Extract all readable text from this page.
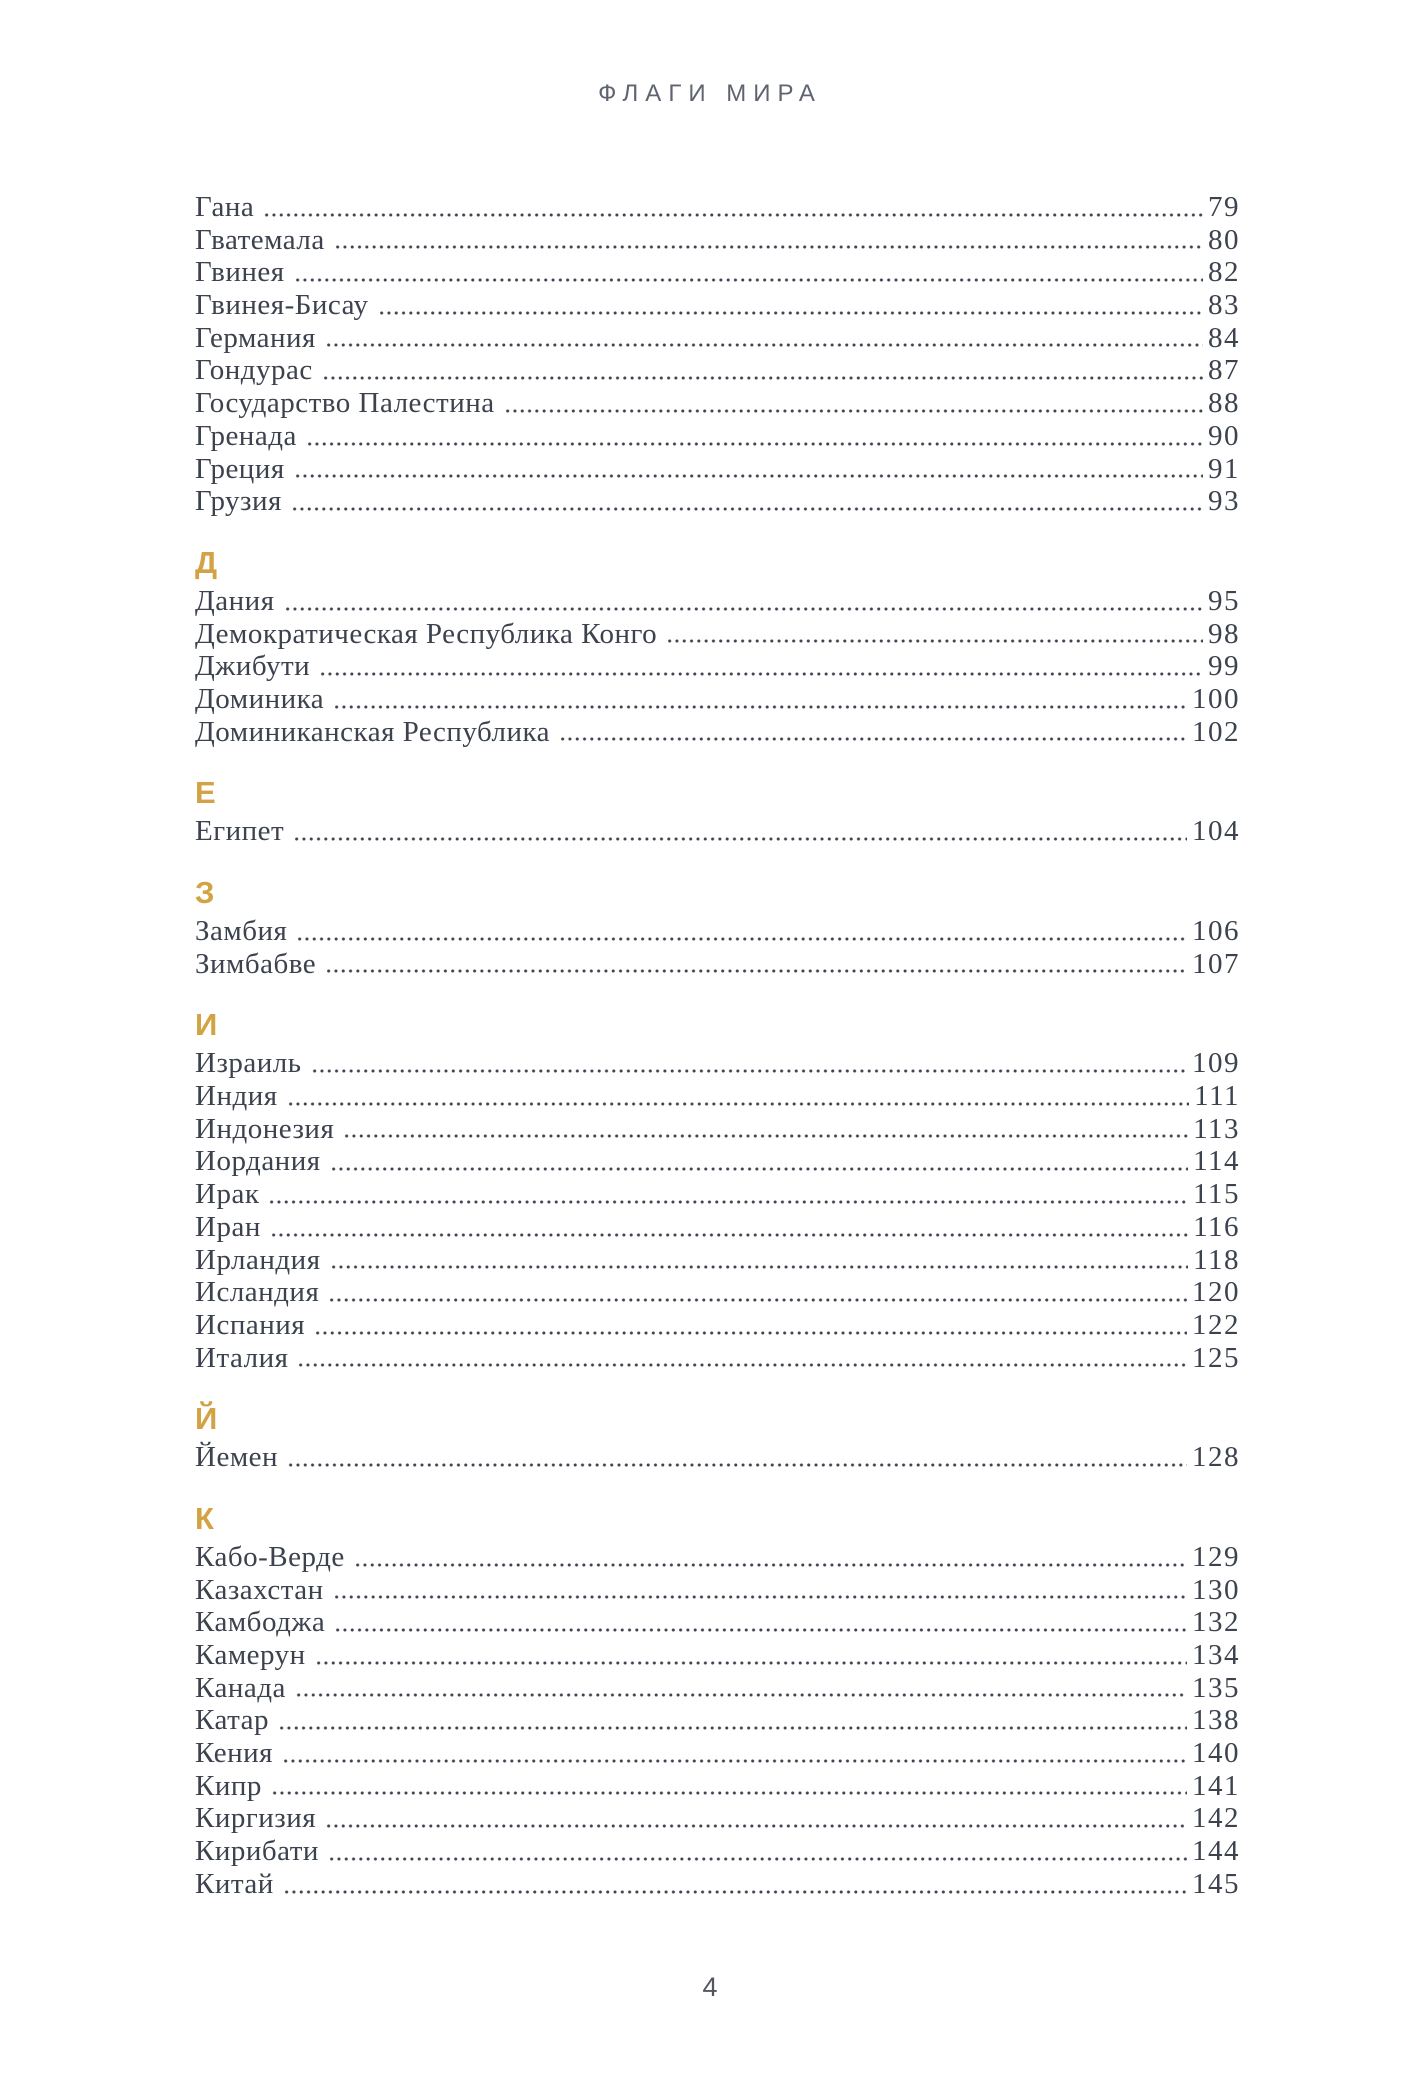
ФЛАГИ МИРА
Гана	79
Гватемала	80
Гвинея	82
Гвинея-Бисау	83
Германия	84
Гондурас	87
Государство Палестина	88
Гренада	90
Греция	91
Грузия	93
Д
Дания	95
Демократическая Республика Конго	98
Джибути	99
Доминика	100
Доминиканская Республика	102
Е
Египет	104
З
Замбия	106
Зимбабве	107
И
Израиль	109
Индия	111
Индонезия	113
Иордания	114
Ирак	115
Иран	116
Ирландия	118
Исландия	120
Испания	122
Италия	125
Й
Йемен	128
К
Кабо-Верде	129
Казахстан	130
Камбоджа	132
Камерун	134
Канада	135
Катар	138
Кения	140
Кипр	141
Киргизия	142
Кирибати	144
Китай	145
4
